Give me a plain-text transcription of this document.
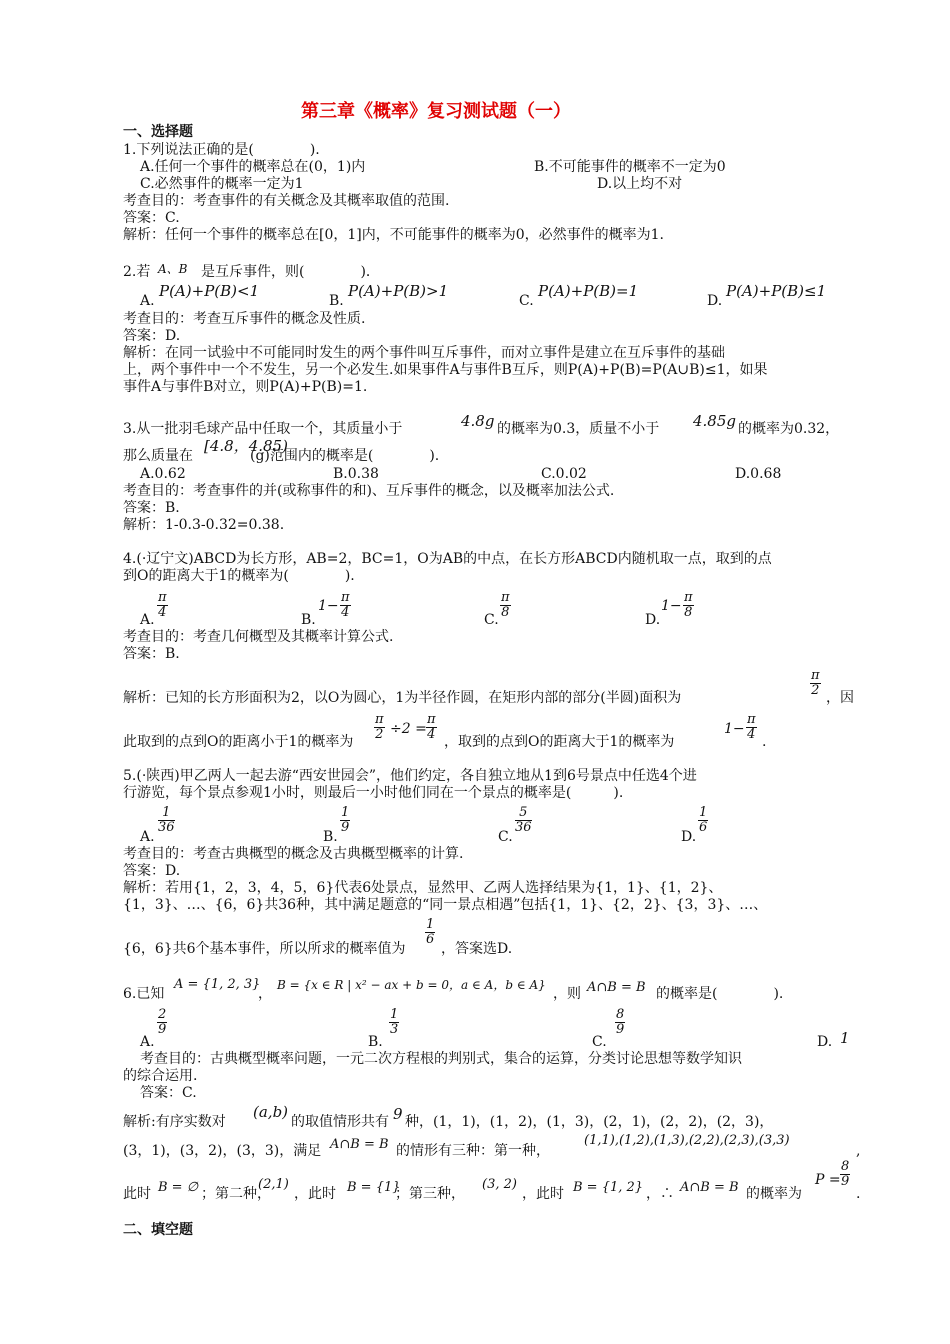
第三章《概率》复习测试题（一）
一、选择题
1.下列说法正确的是(　　　　).
A.任何一个事件的概率总在(0，1)内	B.不可能事件的概率不一定为0
C.必然事件的概率一定为1	D.以上均不对
考查目的：考查事件的有关概念及其概率取值的范围.
答案：C.
解析：任何一个事件的概率总在[0，1]内，不可能事件的概率为0，必然事件的概率为1.
2.若 A、B 是互斥事件，则(　　　　)．
A.
P(A)+P(B)<1
B.
P(A)+P(B)>1
C.
P(A)+P(B)=1
D.
P(A)+P(B)≤1
考查目的：考查互斥事件的概念及性质.
答案：D.
解析：在同一试验中不可能同时发生的两个事件叫互斥事件，而对立事件是建立在互斥事件的基础
上，两个事件中一个不发生，另一个必发生.如果事件A与事件B互斥，则P(A)+P(B)=P(A∪B)≤1，如果
事件A与事件B对立，则P(A)+P(B)=1.
3.从一批羽毛球产品中任取一个，其质量小于	4.8g 的概率为0.3，质量不小于 4.85g 的概率为0.32，
那么质量在
[4.8，4.85)
(g)范围内的概率是(　　　　).
A.0.62	B.0.38	C.0.02	D.0.68
考查目的：考查事件的并(或称事件的和)、互斥事件的概念，以及概率加法公式.
答案：B.
解析：1-0.3-0.32=0.38.
4.(·辽宁文)ABCD为长方形，AB=2，BC=1，O为AB的中点，在长方形ABCD内随机取一点，取到的点
到O的距离大于1的概率为(　　　　).
A. $\frac{\pi}{4}$	B.
$1- \frac{\pi}{4}$	C. $\frac{\pi}{8}$	D.
$1- \frac{\pi}{8}$
考查目的：考查几何概型及其概率计算公式.
答案：B.
解析：已知的长方形面积为2，以O为圆心，1为半径作圆，在矩形内部的部分(半圆)面积为	$\frac{\pi}{2}$ ，因
此取到的点到O的距离小于1的概率为 $\frac{\pi}{2} \div 2 = \frac{\pi}{4}$ ，取到的点到O的距离大于1的概率为
$1- \frac{\pi}{4}$ .
5.(·陕西)甲乙两人一起去游“西安世园会”，他们约定，各自独立地从1到6号景点中任选4个进
行游览，每个景点参观1小时，则最后一小时他们同在一个景点的概率是(　　　).
A.
$\frac{1}{36}$
B.
$\frac{1}{9}$
C.
$\frac{5}{36}$
D.
$\frac{1}{6}$
考查目的：考查古典概型的概念及古典概型概率的计算.
答案：D.
解析：若用{1，2，3，4，5，6}代表6处景点，显然甲、乙两人选择结果为{1，1}、{1，2}、
{1，3}、…、{6，6}共36种，其中满足题意的“同一景点相遇”包括{1，1}、{2，2}、{3，3}、…、
{6，6}共6个基本事件，所以所求的概率值为
$\frac{1}{6}$
，答案选D.
6.已知
A = {1, 2, 3}
，
B = {x ∈ R | x² − ax + b = 0，a ∈ A，b ∈ A}
，则 A∩B = B 的概率是(　　　　).
A.
$\frac{2}{9}$
B.
$\frac{1}{3}$
C.
$\frac{8}{9}$
D. 1
考查目的：古典概型概率问题，一元二次方程根的判别式，集合的运算，分类讨论思想等数学知识
的综合运用.
答案：C.
解析:有序实数对
(a,b)
的取值情形共有 9 种，(1，1)，(1，2)，(1，3)，(2，1)，(2，2)，(2，3)，
(3，1)，(3，2)，(3，3)，满足 A∩B = B 的情形有三种：第一种，
(1,1),(1,2),(1,3),(2,2),(2,3),(3,3)
,
此时 B = ∅ ；第二种，
(2,1)
，此时 B = {1}
；第三种，
(3, 2)
，此时 B = {1, 2} ，∴ A∩B = B 的概率为
$P = \frac{8}{9}$
.
二、填空题
